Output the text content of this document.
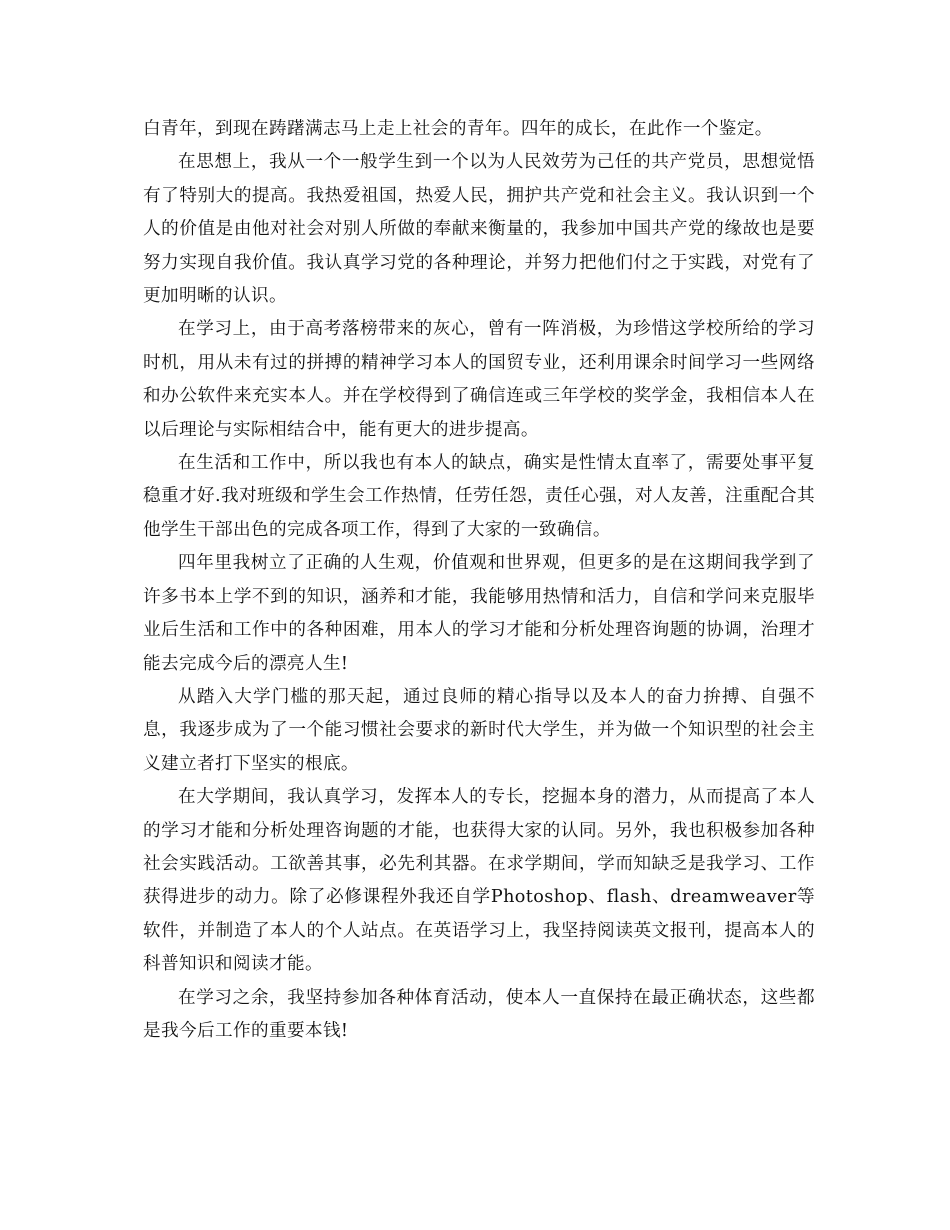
白青年，到现在踌躇满志马上走上社会的青年。四年的成长，在此作一个鉴定。

在思想上，我从一个一般学生到一个以为人民效劳为己任的共产党员，思想觉悟有了特别大的提高。我热爱祖国，热爱人民，拥护共产党和社会主义。我认识到一个人的价值是由他对社会对别人所做的奉献来衡量的，我参加中国共产党的缘故也是要努力实现自我价值。我认真学习党的各种理论，并努力把他们付之于实践，对党有了更加明晰的认识。

在学习上，由于高考落榜带来的灰心，曾有一阵消极，为珍惜这学校所给的学习时机，用从未有过的拼搏的精神学习本人的国贸专业，还利用课余时间学习一些网络和办公软件来充实本人。并在学校得到了确信连或三年学校的奖学金，我相信本人在以后理论与实际相结合中，能有更大的进步提高。

在生活和工作中，所以我也有本人的缺点，确实是性情太直率了，需要处事平复稳重才好.我对班级和学生会工作热情，任劳任怨，责任心强，对人友善，注重配合其他学生干部出色的完成各项工作，得到了大家的一致确信。

四年里我树立了正确的人生观，价值观和世界观，但更多的是在这期间我学到了许多书本上学不到的知识，涵养和才能，我能够用热情和活力，自信和学问来克服毕业后生活和工作中的各种困难，用本人的学习才能和分析处理咨询题的协调，治理才能去完成今后的漂亮人生!

从踏入大学门槛的那天起，通过良师的精心指导以及本人的奋力拚搏、自强不息，我逐步成为了一个能习惯社会要求的新时代大学生，并为做一个知识型的社会主义建立者打下坚实的根底。

在大学期间，我认真学习，发挥本人的专长，挖掘本身的潜力，从而提高了本人的学习才能和分析处理咨询题的才能，也获得大家的认同。另外，我也积极参加各种社会实践活动。工欲善其事，必先利其器。在求学期间，学而知缺乏是我学习、工作获得进步的动力。除了必修课程外我还自学Photoshop、flash、dreamweaver等软件，并制造了本人的个人站点。在英语学习上，我坚持阅读英文报刊，提高本人的科普知识和阅读才能。

在学习之余，我坚持参加各种体育活动，使本人一直保持在最正确状态，这些都是我今后工作的重要本钱!
